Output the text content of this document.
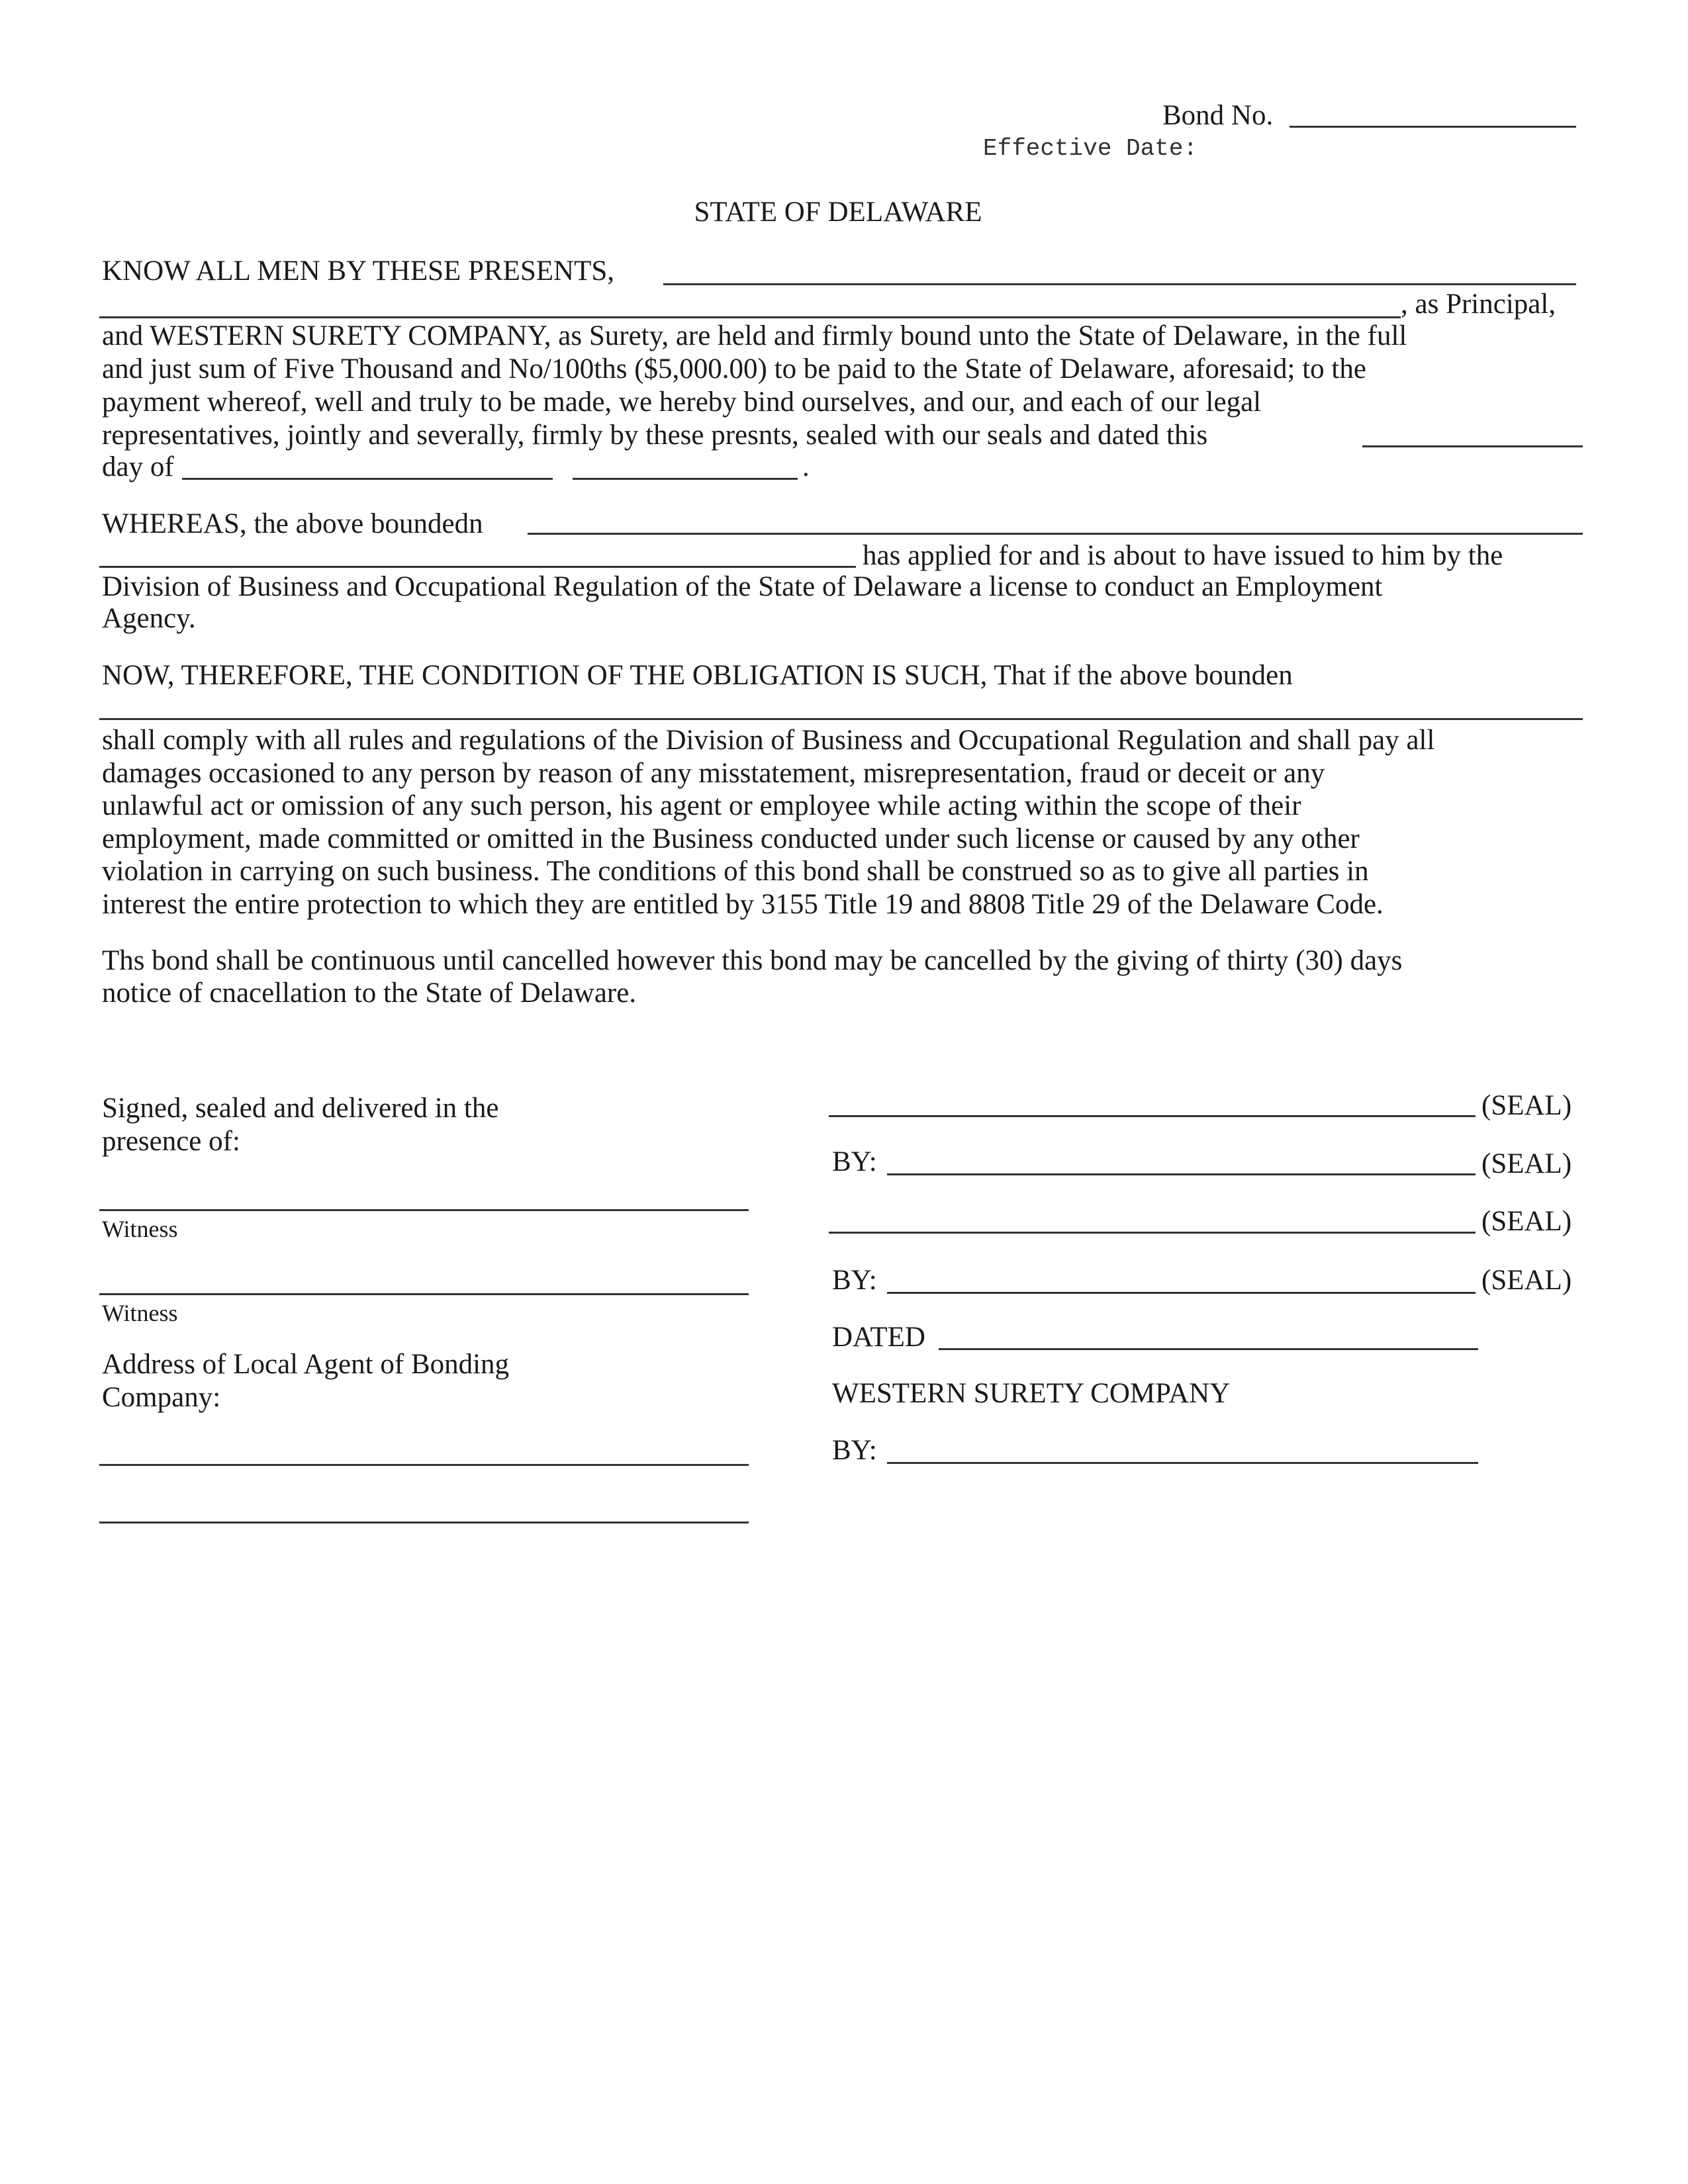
Bond No.
Effective Date:
STATE OF DELAWARE
KNOW ALL MEN BY THESE PRESENTS,
, as Principal,
and WESTERN SURETY COMPANY, as Surety, are held and firmly bound unto the State of Delaware, in the full
and just sum of Five Thousand and No/100ths ($5,000.00) to be paid to the State of Delaware, aforesaid; to the
payment whereof, well and truly to be made, we hereby bind ourselves, and our, and each of our legal
representatives, jointly and severally, firmly by these presnts, sealed with our seals and dated this
day of	.
WHEREAS, the above boundedn
has applied for and is about to have issued to him by the
Division of Business and Occupational Regulation of the State of Delaware a license to conduct an Employment
Agency.
NOW, THEREFORE, THE CONDITION OF THE OBLIGATION IS SUCH, That if the above bounden
shall comply with all rules and regulations of the Division of Business and Occupational Regulation and shall pay all
damages occasioned to any person by reason of any misstatement, misrepresentation, fraud or deceit or any
unlawful act or omission of any such person, his agent or employee while acting within the scope of their
employment, made committed or omitted in the Business conducted under such license or caused by any other
violation in carrying on such business. The conditions of this bond shall be construed so as to give all parties in
interest the entire protection to which they are entitled by 3155 Title 19 and 8808 Title 29 of the Delaware Code.
Ths bond shall be continuous until cancelled however this bond may be cancelled by the giving of thirty (30) days
notice of cnacellation to the State of Delaware.
Signed, sealed and delivered in the
presence of:
Witness
Witness
Address of Local Agent of Bonding
Company:
(SEAL)
BY:	(SEAL)
(SEAL)
BY:	(SEAL)
DATED
WESTERN SURETY COMPANY
BY:
